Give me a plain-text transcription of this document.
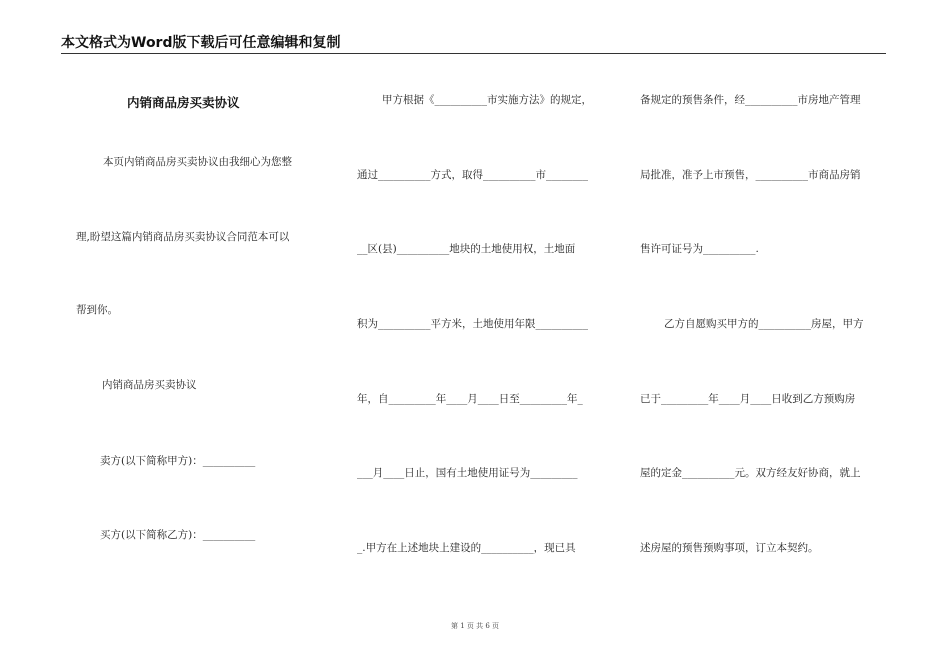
本文格式为Word版下载后可任意编辑和复制
内销商品房买卖协议
本页内销商品房买卖协议由我细心为您整
理,盼望这篇内销商品房买卖协议合同范本可以
帮到你。
内销商品房买卖协议
卖方(以下简称甲方)：__________
买方(以下简称乙方)：__________
甲方根据《__________市实施方法》的规定，
通过__________方式，取得__________市________
__区(县)__________地块的土地使用权，土地面
积为__________平方米，土地使用年限__________
年，自_________年____月____日至_________年_
___月____日止，国有土地使用证号为_________
_.甲方在上述地块上建设的__________，现已具
备规定的预售条件，经__________市房地产管理
局批准，准予上市预售，__________市商品房销
售许可证号为__________.
乙方自愿购买甲方的__________房屋，甲方
已于_________年____月____日收到乙方预购房
屋的定金__________元。双方经友好协商，就上
述房屋的预售预购事项，订立本契约。
第 1 页 共 6 页
